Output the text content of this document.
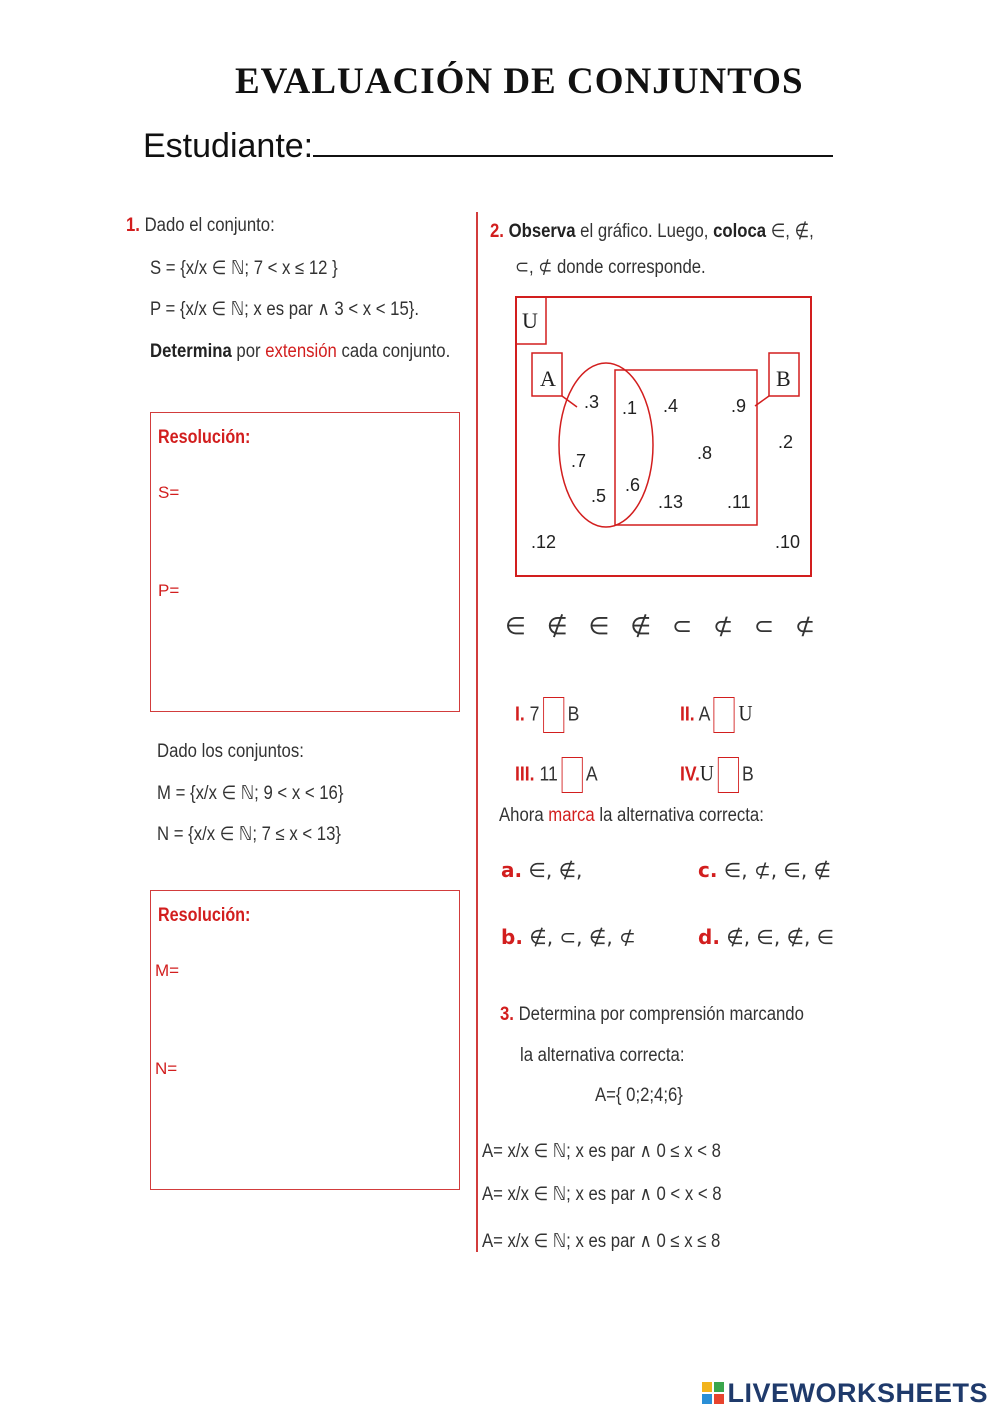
EVALUACIÓN DE CONJUNTOS
Estudiante:
1. Dado el conjunto:
S = {x/x ∈ ℕ; 7 < x ≤ 12 }
P = {x/x ∈ ℕ; x es par ∧ 3 < x < 15}.
Determina por extensión cada conjunto.
Resolución:
S=
P=
Dado los conjuntos:
M = {x/x ∈ ℕ; 9 < x < 16}
N = {x/x ∈ ℕ; 7 ≤ x < 13}
Resolución:
M=
N=
2. Observa el gráfico. Luego, coloca ∈, ∉,
⊂, ⊄ donde corresponde.
U
A	B
.3
.7
.5
.1
.6
.4	.9
.8
.13 .11
.2
.12	.10
∈ ∉ ∈ ∉ ⊂ ⊄ ⊂ ⊄
I. 7 B	II. A U
III. 11 A	IV.U B
Ahora marca la alternativa correcta:
a. ∈, ∉,	c. ∈, ⊄, ∈, ∉
b. ∉, ⊂, ∉, ⊄	d. ∉, ∈, ∉, ∈
3. Determina por comprensión marcando
la alternativa correcta:
A={ 0;2;4;6}
A= x/x ∈ ℕ; x es par ∧ 0 ≤ x < 8
A= x/x ∈ ℕ; x es par ∧ 0 < x < 8
A= x/x ∈ ℕ; x es par ∧ 0 ≤ x ≤ 8
LIVEWORKSHEETS
